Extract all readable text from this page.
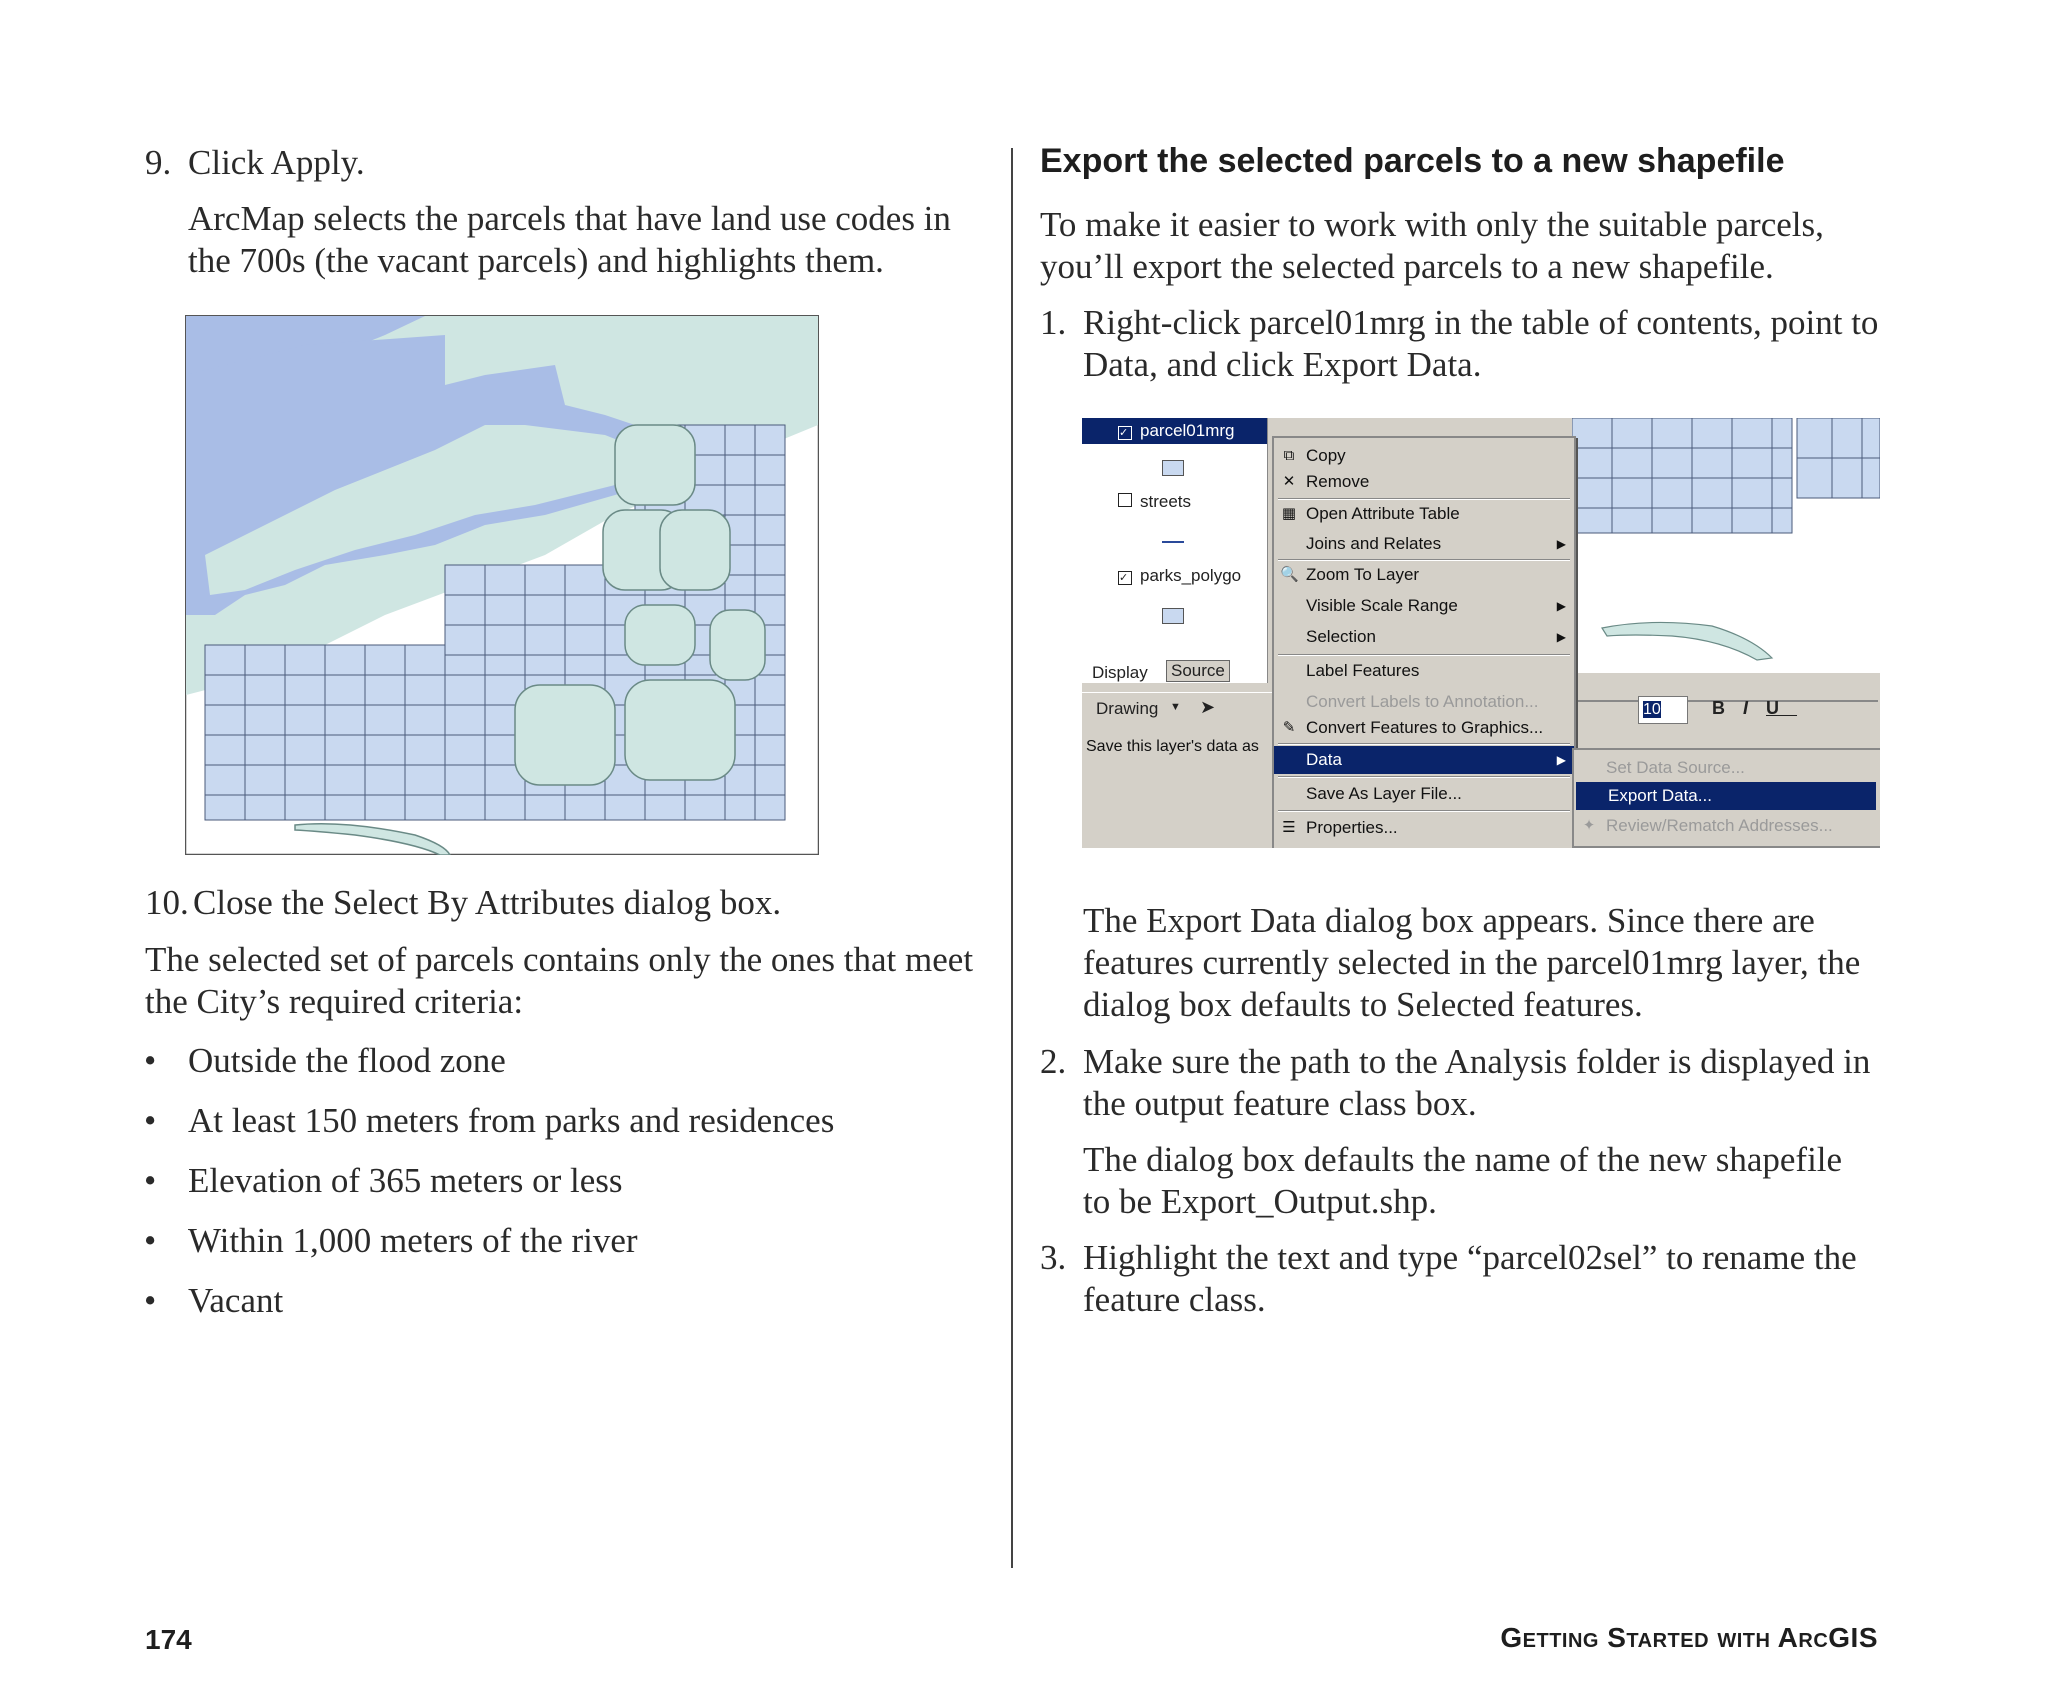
9. Click Apply.
ArcMap selects the parcels that have land use codes in the 700s (the vacant parcels) and highlights them.
10. Close the Select By Attributes dialog box.
The selected set of parcels contains only the ones that meet the City’s required criteria:
• Outside the flood zone
• At least 150 meters from parks and residences
• Elevation of 365 meters or less
• Within 1,000 meters of the river
• Vacant
Export the selected parcels to a new shapefile
To make it easier to work with only the suitable parcels, you’ll export the selected parcels to a new shapefile.
1. Right-click parcel01mrg in the table of contents, point to Data, and click Export Data.
10	BIU
✓ parcel01mrg
streets
✓ parks_polygo
Display Source
Drawing ▼ ➤
Save this layer's data as
⧉ Copy
✕ Remove
▦ Open Attribute Table
Joins and Relates	▶
🔍 Zoom To Layer
Visible Scale Range	▶
Selection	▶
Label Features
Convert Labels to Annotation...
✎ Convert Features to Graphics...
Data	▶
Save As Layer File...
☰ Properties...
Set Data Source...
Export Data...
✦ Review/Rematch Addresses...
The Export Data dialog box appears. Since there are features currently selected in the parcel01mrg layer, the dialog box defaults to Selected features.
2. Make sure the path to the Analysis folder is displayed in the output feature class box.
The dialog box defaults the name of the new shapefile to be Export_Output.shp.
3. Highlight the text and type “parcel02sel” to rename the feature class.
174	Getting Started with ArcGIS
